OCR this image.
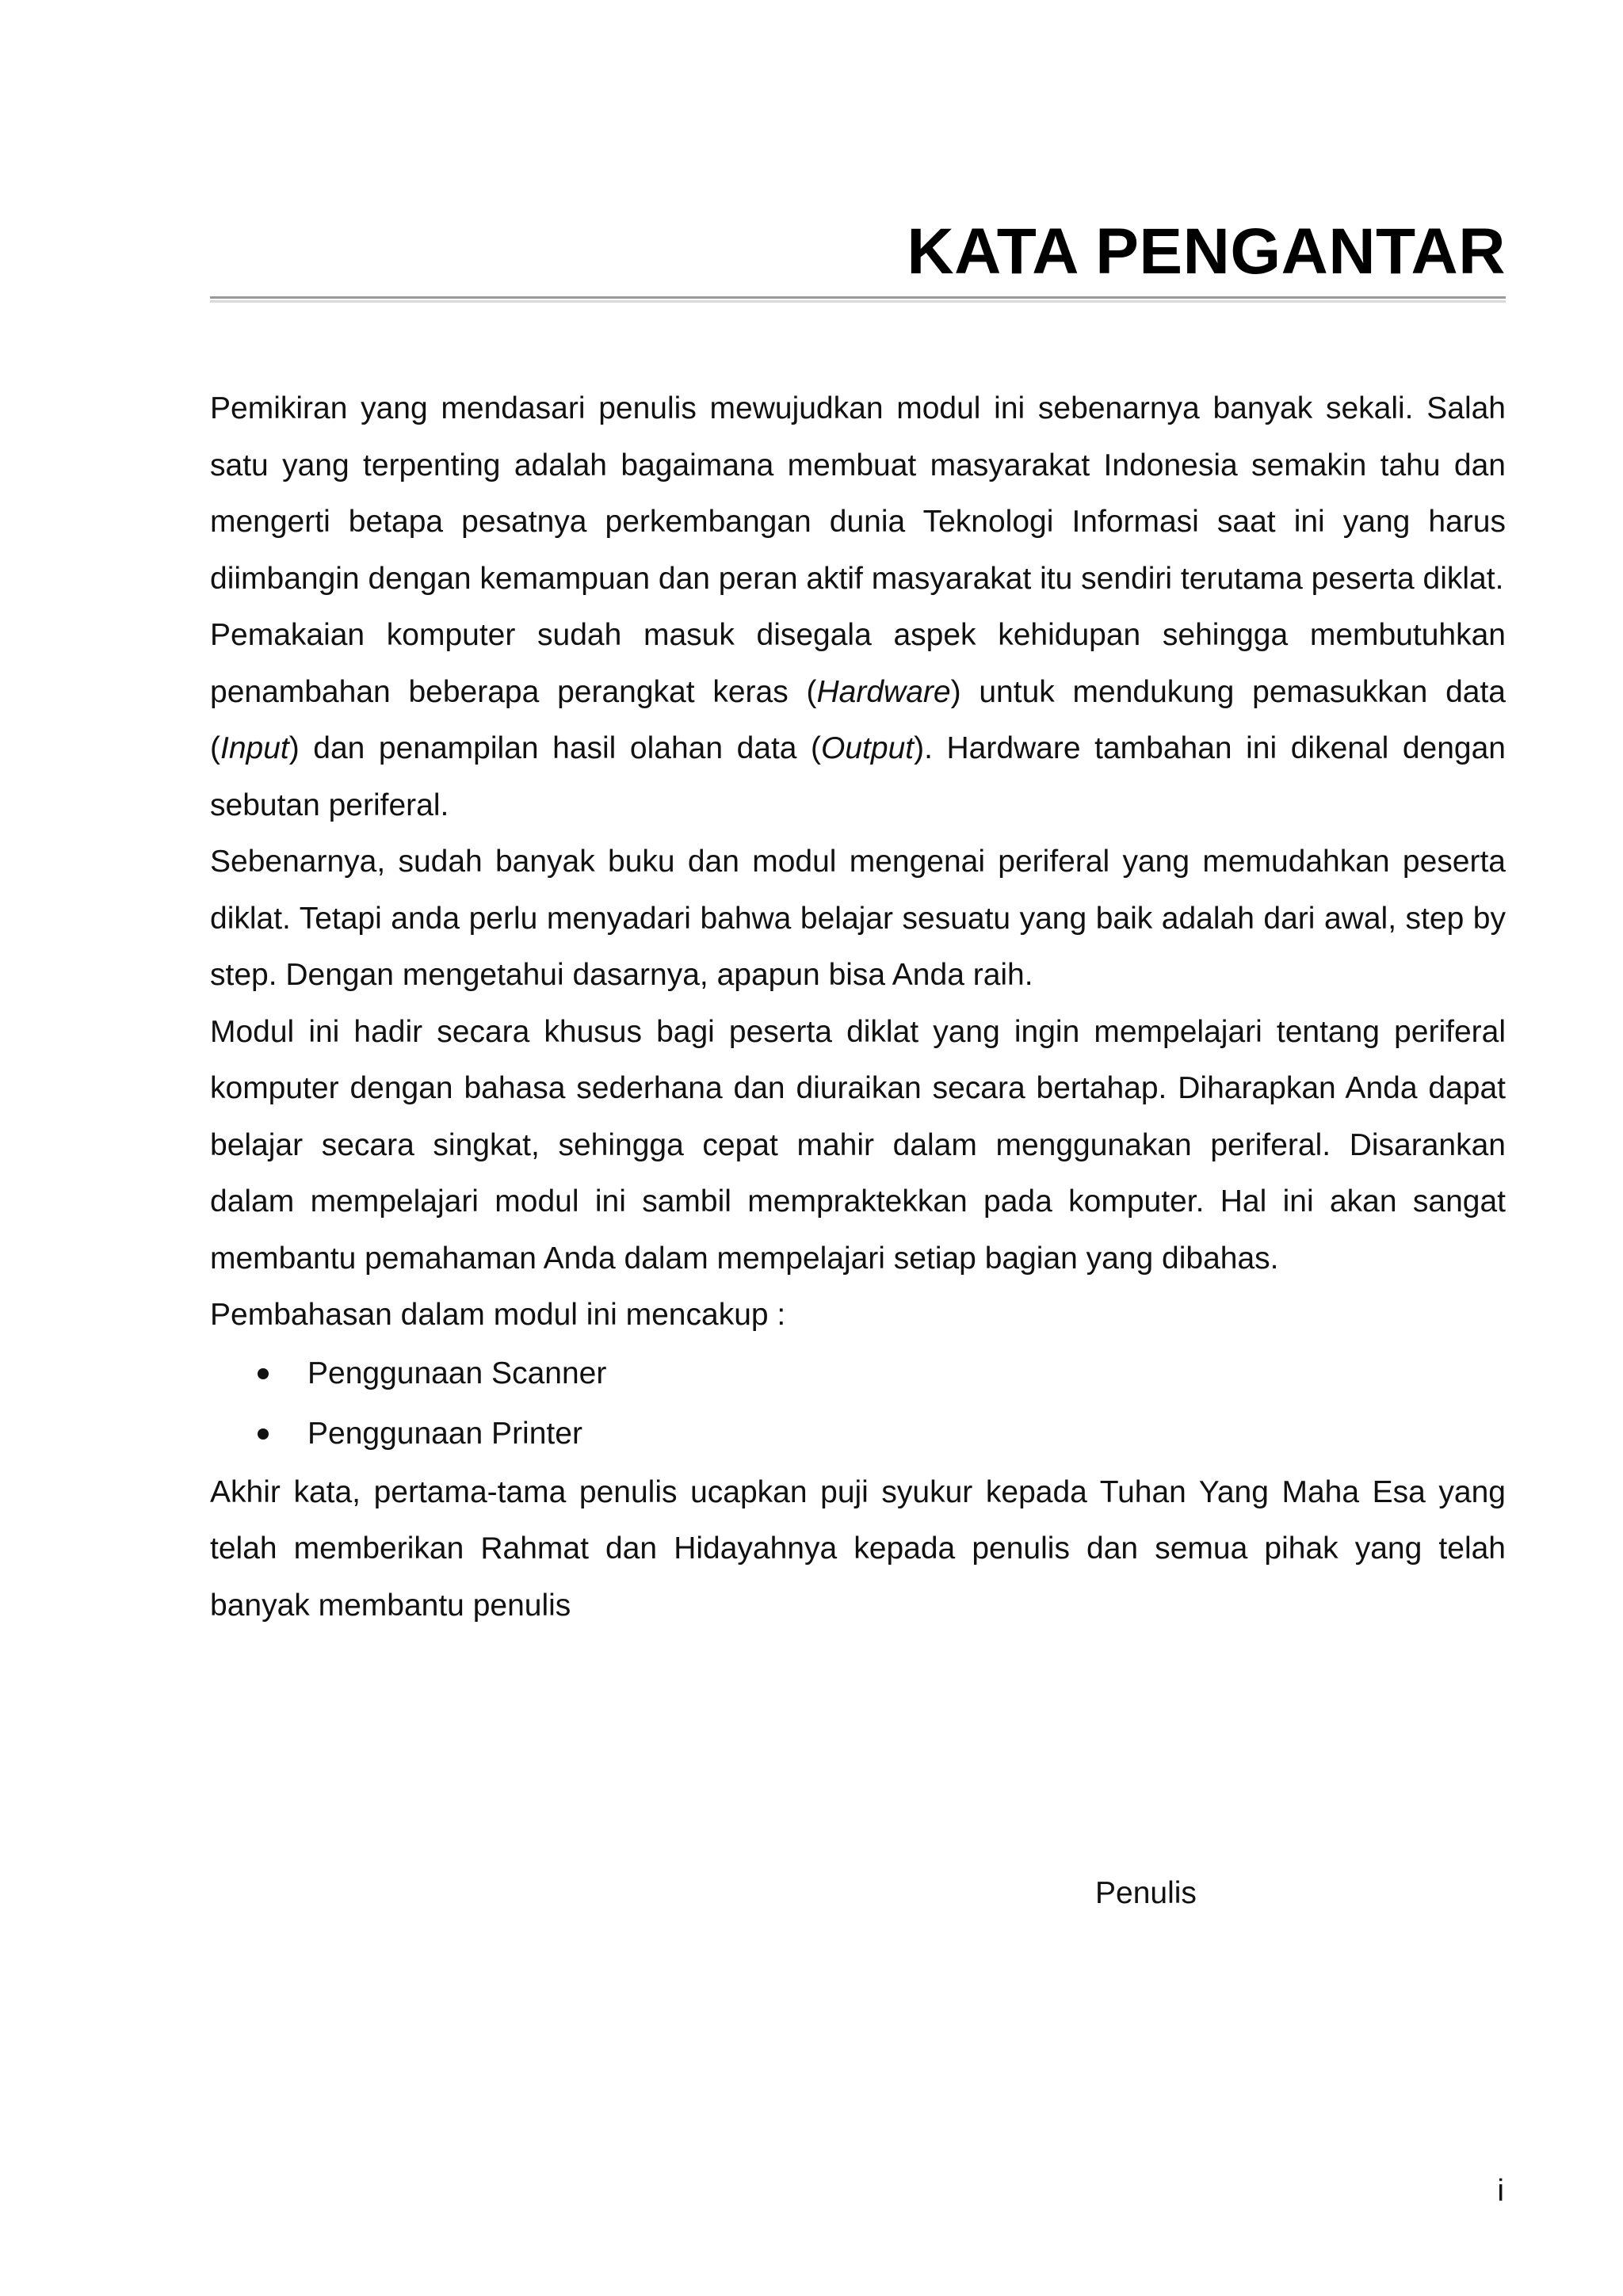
KATA PENGANTAR

Pemikiran yang mendasari penulis mewujudkan modul ini sebenarnya banyak sekali. Salah satu yang terpenting adalah bagaimana membuat masyarakat Indonesia semakin tahu dan mengerti betapa pesatnya perkembangan dunia Teknologi Informasi saat ini yang harus diimbangin dengan kemampuan dan peran aktif masyarakat itu sendiri terutama peserta diklat.

Pemakaian komputer sudah masuk disegala aspek kehidupan sehingga membutuhkan penambahan beberapa perangkat keras (Hardware) untuk mendukung pemasukkan data (Input) dan penampilan hasil olahan data (Output). Hardware tambahan ini dikenal dengan sebutan periferal.

Sebenarnya, sudah banyak buku dan modul mengenai periferal yang memudahkan peserta diklat. Tetapi anda perlu menyadari bahwa belajar sesuatu yang baik adalah dari awal, step by step. Dengan mengetahui dasarnya, apapun bisa Anda raih.

Modul ini hadir secara khusus bagi peserta diklat yang ingin mempelajari tentang periferal komputer dengan bahasa sederhana dan diuraikan secara bertahap. Diharapkan Anda dapat belajar secara singkat, sehingga cepat mahir dalam menggunakan periferal. Disarankan dalam mempelajari modul ini sambil mempraktekkan pada komputer. Hal ini akan sangat membantu pemahaman Anda dalam mempelajari setiap bagian yang dibahas.

Pembahasan dalam modul ini mencakup :

Penggunaan Scanner
Penggunaan Printer

Akhir kata, pertama-tama penulis ucapkan puji syukur kepada Tuhan Yang Maha Esa yang telah memberikan Rahmat dan Hidayahnya kepada penulis dan semua pihak yang telah banyak membantu penulis

Penulis
i
